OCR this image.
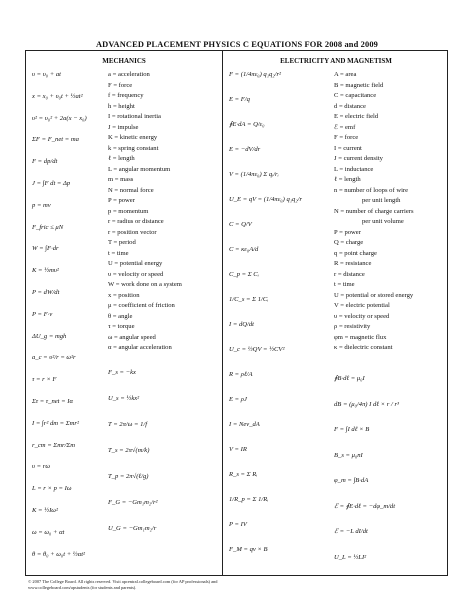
ADVANCED PLACEMENT PHYSICS C EQUATIONS FOR 2008 and 2009
MECHANICS	ELECTRICITY AND MAGNETISM
υ = υ₀ + at
x = x₀ + υ₀t + ½at²
υ² = υ₀² + 2a(x − x₀)
ΣF = F_net = ma
F = dp/dt
J = ∫F dt = Δp
p = mv
F_fric ≤ μN
W = ∫F·dr
K = ½mυ²
P = dW/dt
P = F·v
ΔU_g = mgh
a_c = υ²/r = ω²r
τ = r × F
Στ = τ_net = Iα
I = ∫r² dm = Σmr²
r_cm = Σmr/Σm
υ = rω
L = r × p = Iω
K = ½Iω²
ω = ω₀ + αt
θ = θ₀ + ω₀t + ½αt²
a = acceleration
F = force
f = frequency
h = height
I = rotational inertia
J = impulse
K = kinetic energy
k = spring constant
ℓ = length
L = angular momentum
m = mass
N = normal force
P = power
p = momentum
r = radius or distance
r = position vector
T = period
t = time
U = potential energy
υ = velocity or speed
W = work done on a system
x = position
μ = coefficient of friction
θ = angle
τ = torque
ω = angular speed
α = angular acceleration
F_s = −kx
U_s = ½kx²
T = 2π/ω = 1/f
T_s = 2π√(m/k)
T_p = 2π√(ℓ/g)
F_G = −Gm₁m₂/r²
U_G = −Gm₁m₂/r
F = (1/4πε₀) q₁q₂/r²
E = F/q
∮E·dA = Q/ε₀
E = −dV/dr
V = (1/4πε₀) Σ qᵢ/rᵢ
U_E = qV = (1/4πε₀) q₁q₂/r
C = Q/V
C = κε₀A/d
C_p = Σ Cᵢ
1/C_s = Σ 1/Cᵢ
I = dQ/dt
U_c = ½QV = ½CV²
R = ρℓ/A
E = ρJ
I = Nev_dA
V = IR
R_s = Σ Rᵢ
1/R_p = Σ 1/Rᵢ
P = IV
F_M = qv × B
A = area
B = magnetic field
C = capacitance
d = distance
E = electric field
ℰ = emf
F = force
I = current
J = current density
L = inductance
ℓ = length
n = number of loops of wire
per unit length
N = number of charge carriers
per unit volume
P = power
Q = charge
q = point charge
R = resistance
r = distance
t = time
U = potential or stored energy
V = electric potential
υ = velocity or speed
ρ = resistivity
φm = magnetic flux
κ = dielectric constant
∮B·dℓ = μ₀I
dB = (μ₀/4π) I dℓ × r / r³
F = ∫I dℓ × B
B_s = μ₀nI
φ_m = ∫B·dA
ℰ = ∮E·dℓ = −dφ_m/dt
ℰ = −L dI/dt
U_L = ½LI²
© 2007 The College Board. All rights reserved. Visit apcentral.collegeboard.com (for AP professionals) and
www.collegeboard.com/apstudents (for students and parents).
